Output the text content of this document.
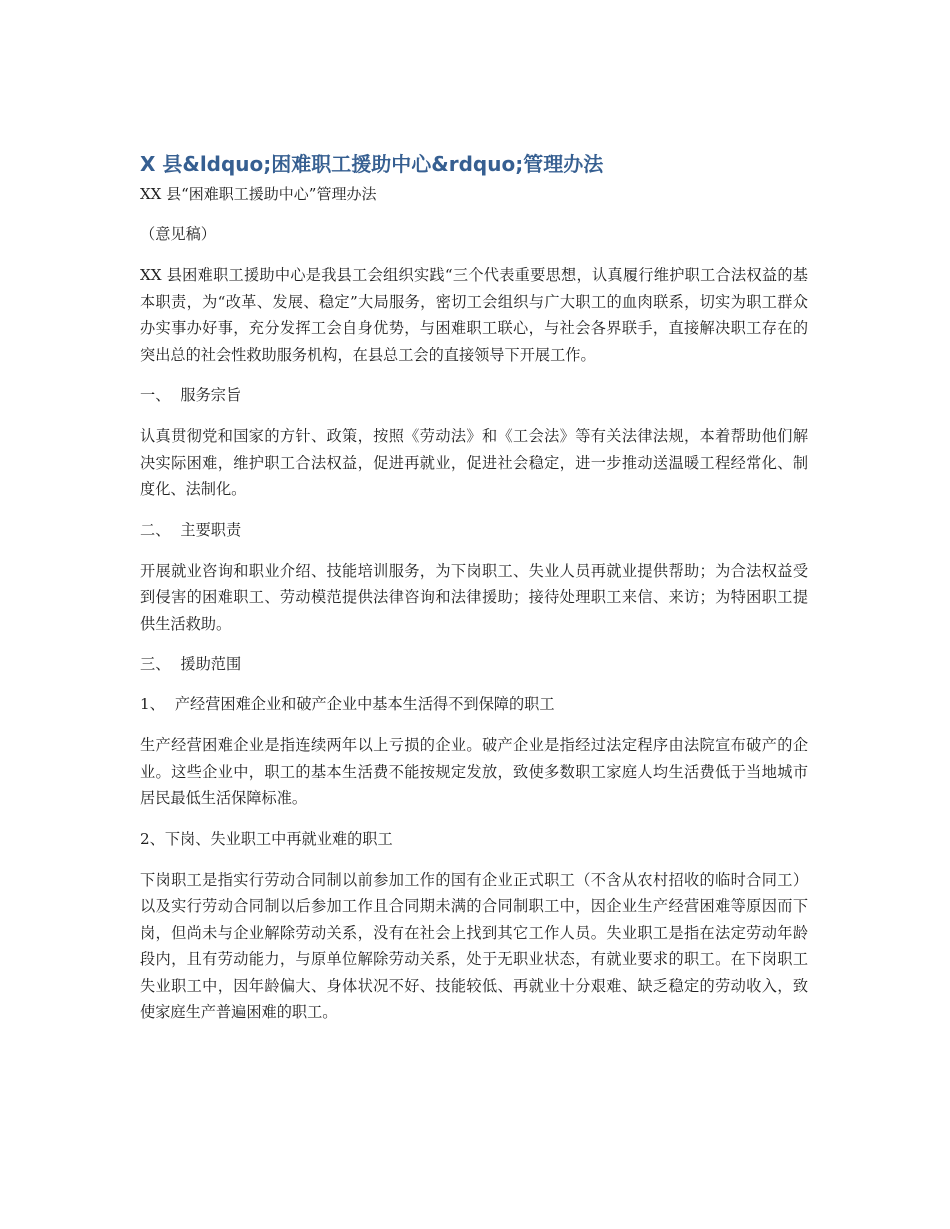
X 县&ldquo;困难职工援助中心&rdquo;管理办法
XX 县“困难职工援助中心”管理办法
（意见稿）
XX 县困难职工援助中心是我县工会组织实践“三个代表重要思想，认真履行维护职工合法权益的基本职责，为“改革、发展、稳定”大局服务，密切工会组织与广大职工的血肉联系，切实为职工群众办实事办好事，充分发挥工会自身优势，与困难职工联心，与社会各界联手，直接解决职工存在的突出总的社会性救助服务机构，在县总工会的直接领导下开展工作。
一、 服务宗旨
认真贯彻党和国家的方针、政策，按照《劳动法》和《工会法》等有关法律法规，本着帮助他们解决实际困难，维护职工合法权益，促进再就业，促进社会稳定，进一步推动送温暖工程经常化、制度化、法制化。
二、 主要职责
开展就业咨询和职业介绍、技能培训服务，为下岗职工、失业人员再就业提供帮助；为合法权益受到侵害的困难职工、劳动模范提供法律咨询和法律援助；接待处理职工来信、来访；为特困职工提供生活救助。
三、 援助范围
1、 产经营困难企业和破产企业中基本生活得不到保障的职工
生产经营困难企业是指连续两年以上亏损的企业。破产企业是指经过法定程序由法院宣布破产的企业。这些企业中，职工的基本生活费不能按规定发放，致使多数职工家庭人均生活费低于当地城市居民最低生活保障标准。
2、下岗、失业职工中再就业难的职工
下岗职工是指实行劳动合同制以前参加工作的国有企业正式职工（不含从农村招收的临时合同工）以及实行劳动合同制以后参加工作且合同期未满的合同制职工中，因企业生产经营困难等原因而下岗，但尚未与企业解除劳动关系，没有在社会上找到其它工作人员。失业职工是指在法定劳动年龄段内，且有劳动能力，与原单位解除劳动关系，处于无职业状态，有就业要求的职工。在下岗职工失业职工中，因年龄偏大、身体状况不好、技能较低、再就业十分艰难、缺乏稳定的劳动收入，致使家庭生产普遍困难的职工。
